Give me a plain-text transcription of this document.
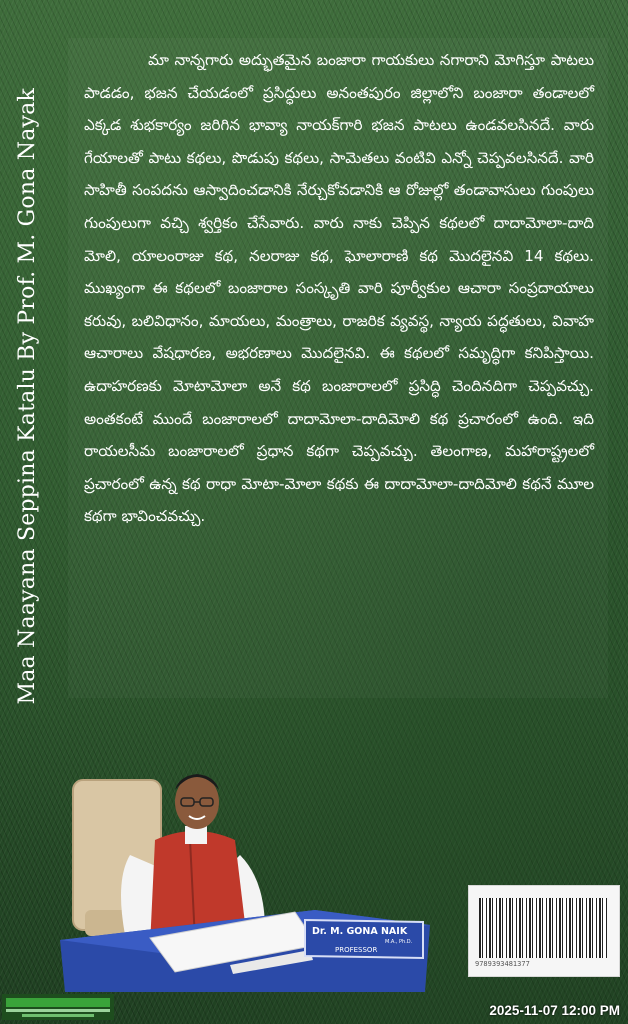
Maa Naayana Seppina Katalu By Prof. M. Gona Nayak

మా నాన్నగారు అద్భుతమైన బంజారా గాయకులు నగారాని మోగిస్తూ పాటలు పాడడం, భజన చేయడంలో ప్రసిద్ధులు అనంతపురం జిల్లాలోని బంజారా తండాలలో ఎక్కడ శుభకార్యం జరిగిన భావ్యా నాయక్‌గారి భజన పాటలు ఉండవలసినదే. వారు గేయాలతో పాటు కథలు, పొడుపు కథలు, సామెతలు వంటివి ఎన్నో చెప్పవలసినదే. వారి సాహితీ సంపదను ఆస్వాదించడానికి నేర్చుకోవడానికి ఆ రోజుల్లో తండావాసులు గుంపులు గుంపులుగా వచ్చి శ్వర్తికం చేసేవారు. వారు నాకు చెప్పిన కథలలో దాదామోలా-దాది మోలి, యాలంరాజు కథ, నలరాజు కథ, ఘోలారాణి కథ మొదలైనవి 14 కథలు. ముఖ్యంగా ఈ కథలలో బంజారాల సంస్కృతి వారి పూర్వీకుల ఆచారా సంప్రదాయాలు కరువు, బలివిధానం, మాయలు, మంత్రాలు, రాజరిక వ్యవస్థ, న్యాయ పద్ధతులు, వివాహ ఆచారాలు వేషధారణ, అభరణాలు మొదలైనవి. ఈ కథలలో సమృద్ధిగా కనిపిస్తాయి. ఉదాహరణకు మోటామోలా అనే కథ బంజారాలలో ప్రసిద్ధి చెందినదిగా చెప్పవచ్చు. అంతకంటే ముందే బంజారాలలో దాదామోలా-దాదిమోలి కథ ప్రచారంలో ఉంది. ఇది రాయలసీమ బంజారాలలో ప్రధాన కథగా చెప్పవచ్చు. తెలంగాణ, మహారాష్ట్రలలో ప్రచారంలో ఉన్న కథ రాధా మోటా-మోలా కథకు ఈ దాదామోలా-దాదిమోలి కథనే మూల కథగా భావించవచ్చు.

Dr. M. GONA NAIK
M.A., Ph.D.
PROFESSOR
9789393481377
2025-11-07 12:00 PM
